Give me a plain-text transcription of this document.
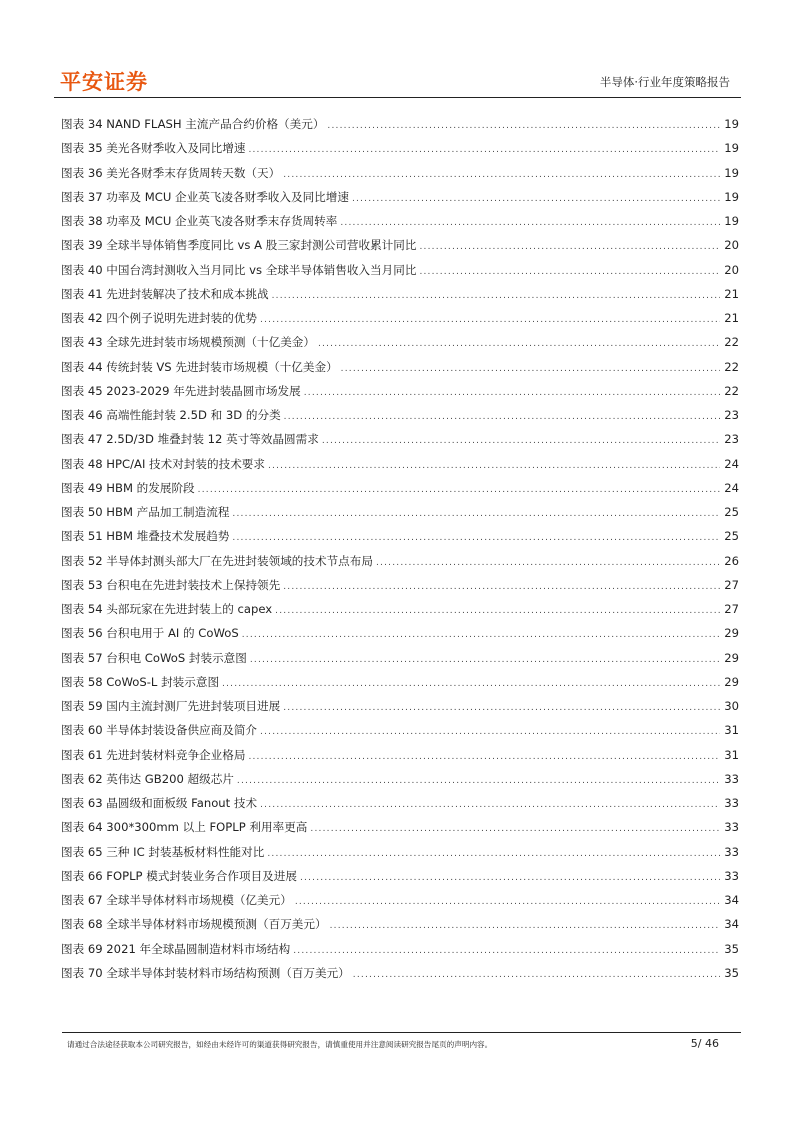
平安证券	半导体·行业年度策略报告
图表 34 NAND FLASH 主流产品合约价格（美元） .....	19
图表 35 美光各财季收入及同比增速 .....	19
图表 36 美光各财季末存货周转天数（天） .....	19
图表 37 功率及 MCU 企业英飞凌各财季收入及同比增速 .....	19
图表 38 功率及 MCU 企业英飞凌各财季末存货周转率 .....	19
图表 39 全球半导体销售季度同比 vs A 股三家封测公司营收累计同比 .....	20
图表 40 中国台湾封测收入当月同比 vs 全球半导体销售收入当月同比 .....	20
图表 41 先进封装解决了技术和成本挑战 .....	21
图表 42 四个例子说明先进封装的优势 .....	21
图表 43 全球先进封装市场规模预测（十亿美金） .....	22
图表 44 传统封装 VS 先进封装市场规模（十亿美金） .....	22
图表 45 2023-2029 年先进封装晶圆市场发展 .....	22
图表 46 高端性能封装 2.5D 和 3D 的分类 .....	23
图表 47 2.5D/3D 堆叠封装 12 英寸等效晶圆需求 .....	23
图表 48 HPC/AI 技术对封装的技术要求 .....	24
图表 49 HBM 的发展阶段 .....	24
图表 50 HBM 产品加工制造流程 .....	25
图表 51 HBM 堆叠技术发展趋势 .....	25
图表 52 半导体封测头部大厂在先进封装领域的技术节点布局 .....	26
图表 53 台积电在先进封装技术上保持领先 .....	27
图表 54 头部玩家在先进封装上的 capex .....	27
图表 56 台积电用于 AI 的 CoWoS .....	29
图表 57 台积电 CoWoS 封装示意图 .....	29
图表 58 CoWoS-L 封装示意图 .....	29
图表 59 国内主流封测厂先进封装项目进展 .....	30
图表 60 半导体封装设备供应商及简介 .....	31
图表 61 先进封装材料竞争企业格局 .....	31
图表 62 英伟达 GB200 超级芯片 .....	33
图表 63 晶圆级和面板级 Fanout 技术 .....	33
图表 64 300*300mm 以上 FOPLP 利用率更高 .....	33
图表 65 三种 IC 封装基板材料性能对比 .....	33
图表 66 FOPLP 模式封装业务合作项目及进展 .....	33
图表 67 全球半导体材料市场规模（亿美元） .....	34
图表 68 全球半导体材料市场规模预测（百万美元） .....	34
图表 69 2021 年全球晶圆制造材料市场结构 .....	35
图表 70 全球半导体封装材料市场结构预测（百万美元） .....	35
请通过合法途径获取本公司研究报告，如经由未经许可的渠道获得研究报告，请慎重使用并注意阅读研究报告尾页的声明内容。	5/ 46
